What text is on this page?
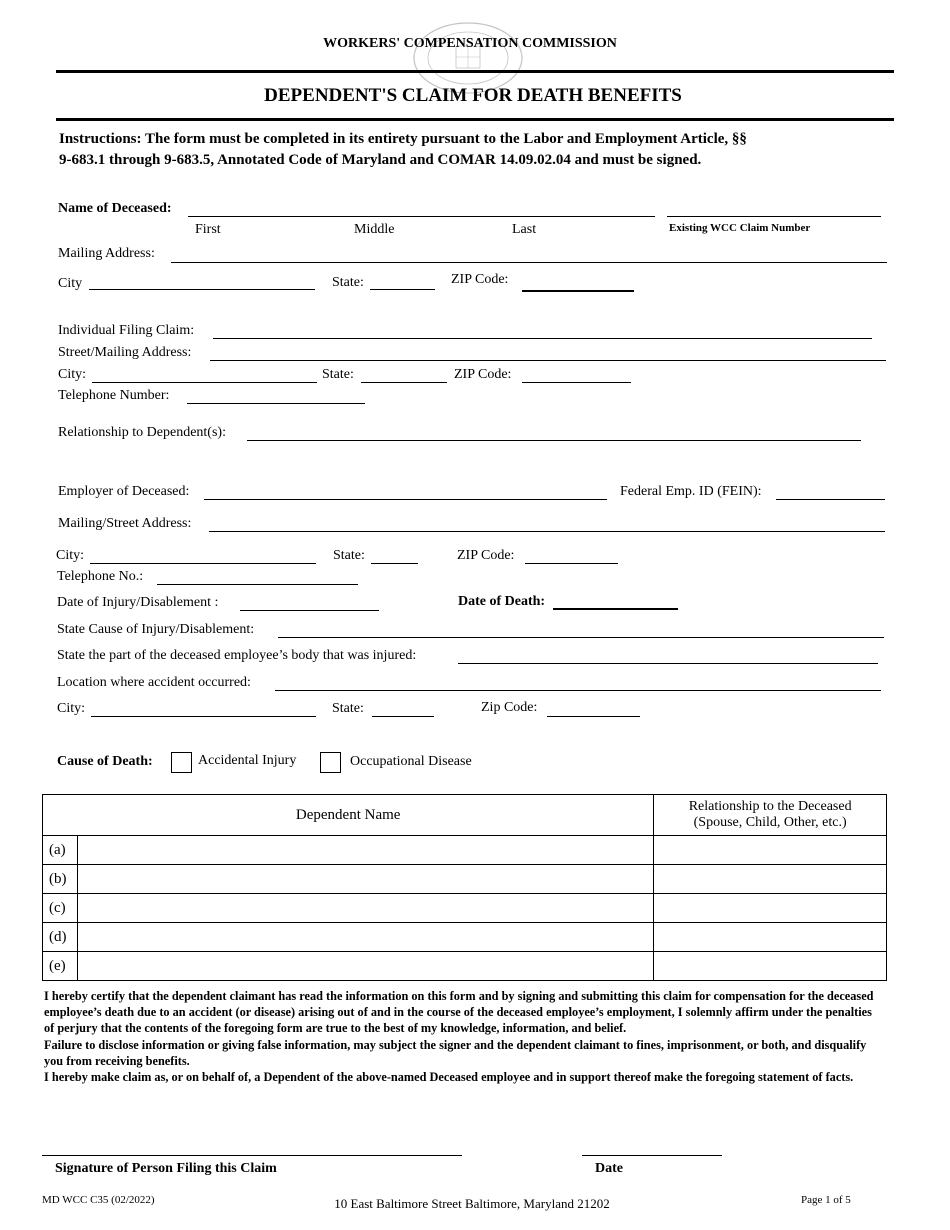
WORKERS' COMPENSATION COMMISSION
DEPENDENT'S CLAIM FOR DEATH BENEFITS
Instructions: The form must be completed in its entirety pursuant to the Labor and Employment Article, §§
9-683.1 through 9-683.5, Annotated Code of Maryland and COMAR 14.09.02.04 and must be signed.
Name of Deceased:
First	Middle	Last	Existing WCC Claim Number
Mailing Address:
City	State:	ZIP Code:
Individual Filing Claim:
Street/Mailing Address:
City:	State:	ZIP Code:
Telephone Number:
Relationship to Dependent(s):
Employer of Deceased:	Federal Emp. ID (FEIN):
Mailing/Street Address:
City:	State:	ZIP Code:
Telephone No.:
Date of Injury/Disablement :	Date of Death:
State Cause of Injury/Disablement:
State the part of the deceased employee’s body that was injured:
Location where accident occurred:
City:	State:	Zip Code:
Cause of Death:	Accidental Injury	Occupational Disease
Dependent Name		Relationship to the Deceased
(Spouse, Child, Other, etc.)

(a)		
(b)		
(c)		
(d)		
(e)		

I hereby certify that the dependent claimant has read the information on this form and by signing and submitting this claim for compensation for the deceased employee’s death due to an accident (or disease) arising out of and in the course of the deceased employee’s employment, I solemnly affirm under the penalties of perjury that the contents of the foregoing form are true to the best of my knowledge, information, and belief.

Failure to disclose information or giving false information, may subject the signer and the dependent claimant to fines, imprisonment, or both, and disqualify you from receiving benefits.

I hereby make claim as, or on behalf of, a Dependent of the above-named Deceased employee and in support thereof make the foregoing statement of facts.

Signature of Person Filing this Claim	Date
MD WCC C35 (02/2022)	10 East Baltimore Street Baltimore, Maryland 21202	Page 1 of 5
